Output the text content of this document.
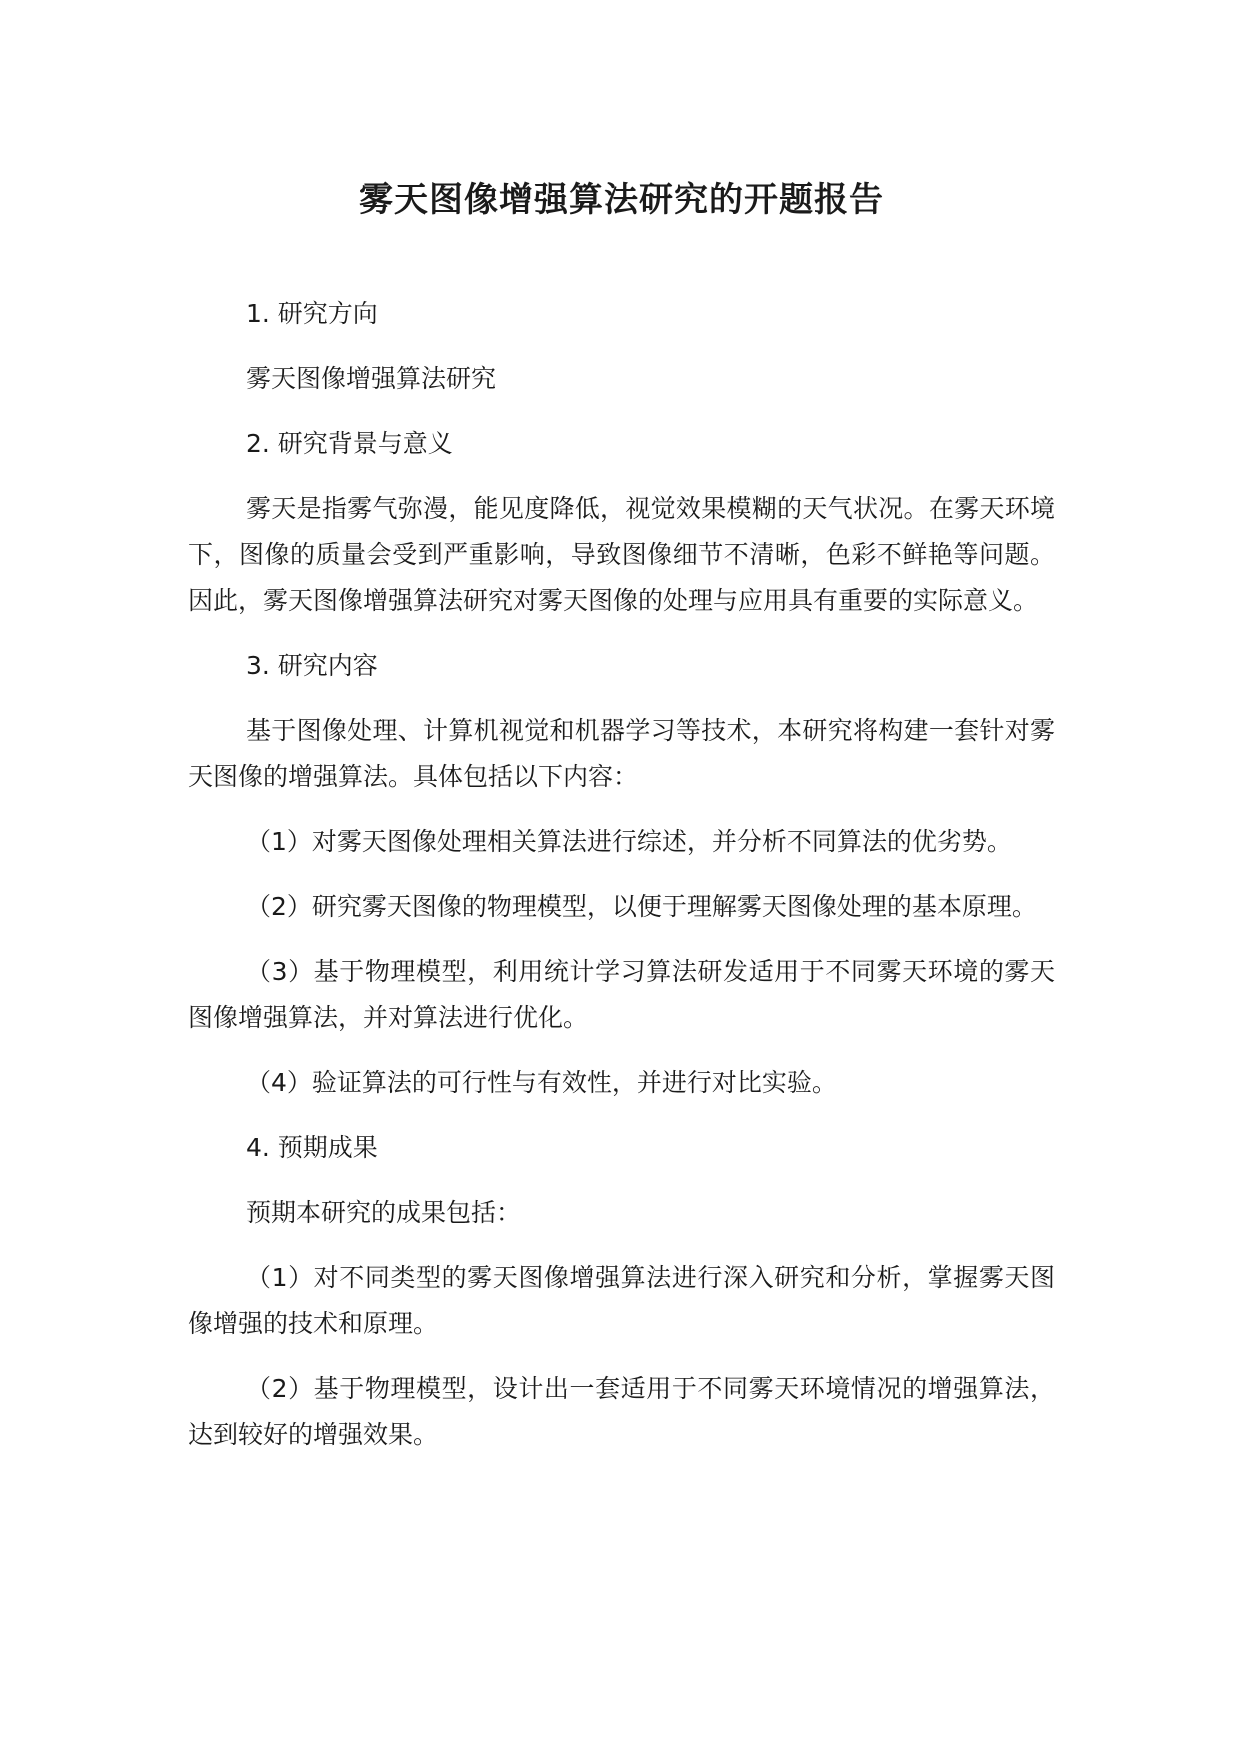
雾天图像增强算法研究的开题报告

1. 研究方向

雾天图像增强算法研究

2. 研究背景与意义

雾天是指雾气弥漫，能见度降低，视觉效果模糊的天气状况。在雾天环境下，图像的质量会受到严重影响，导致图像细节不清晰，色彩不鲜艳等问题。因此，雾天图像增强算法研究对雾天图像的处理与应用具有重要的实际意义。

3. 研究内容

基于图像处理、计算机视觉和机器学习等技术，本研究将构建一套针对雾天图像的增强算法。具体包括以下内容：

（1）对雾天图像处理相关算法进行综述，并分析不同算法的优劣势。

（2）研究雾天图像的物理模型，以便于理解雾天图像处理的基本原理。

（3）基于物理模型，利用统计学习算法研发适用于不同雾天环境的雾天图像增强算法，并对算法进行优化。

（4）验证算法的可行性与有效性，并进行对比实验。

4. 预期成果

预期本研究的成果包括：

（1）对不同类型的雾天图像增强算法进行深入研究和分析，掌握雾天图像增强的技术和原理。

（2）基于物理模型，设计出一套适用于不同雾天环境情况的增强算法，达到较好的增强效果。
